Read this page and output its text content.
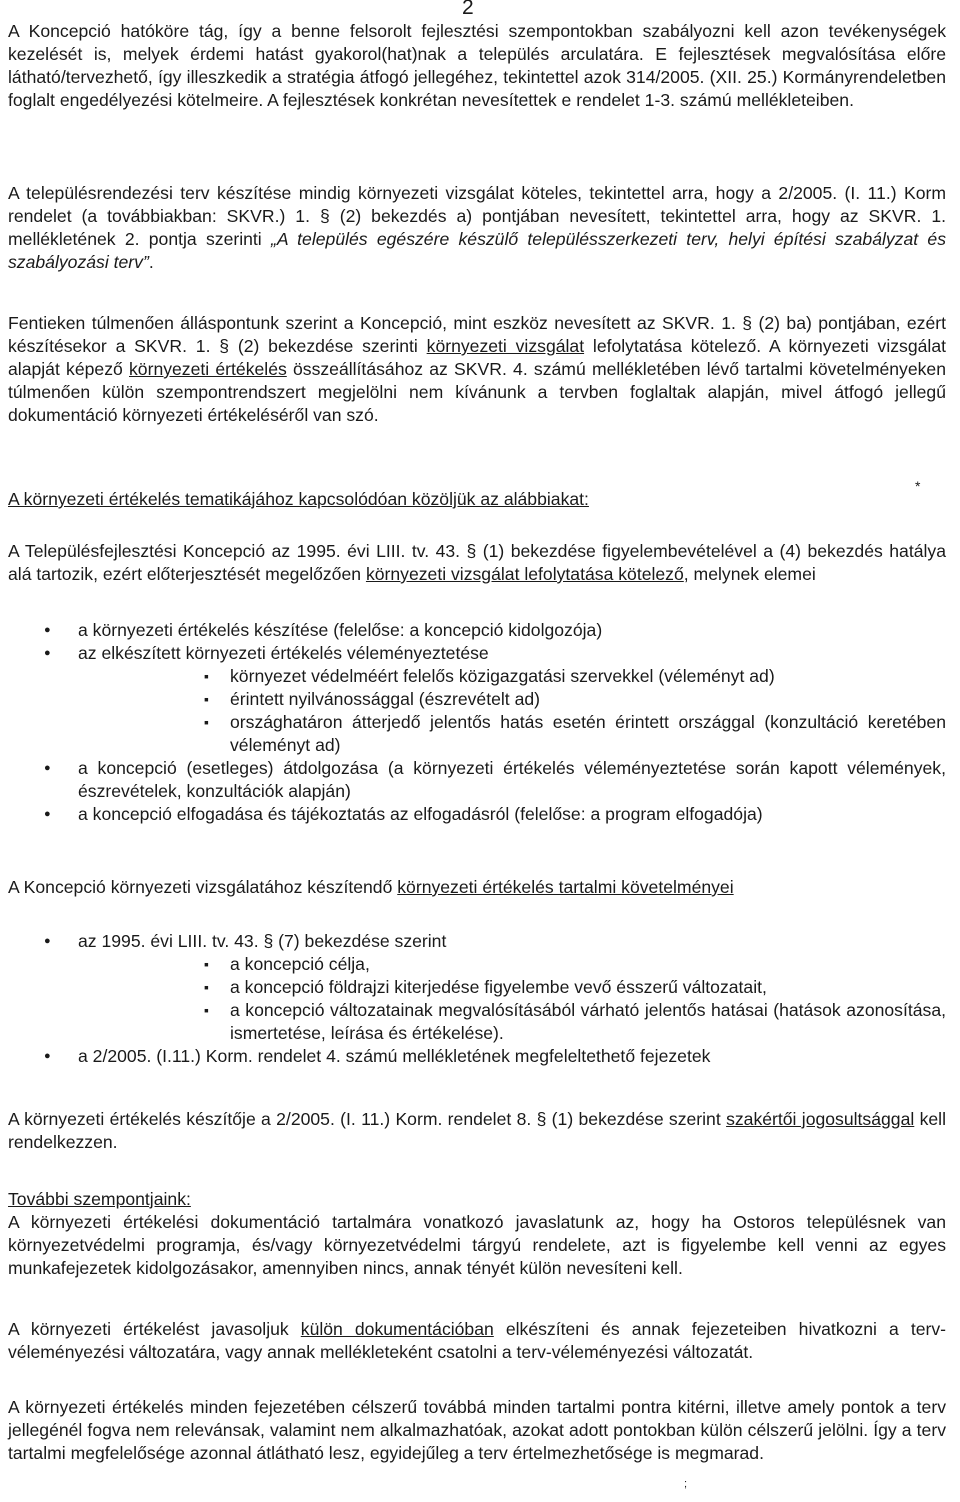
2
A Koncepció hatóköre tág, így a benne felsorolt fejlesztési szempontokban szabályozni kell azon tevékenységek kezelését is, melyek érdemi hatást gyakorol(hat)nak a település arculatára. E fejlesztések megvalósítása előre látható/tervezhető, így illeszkedik a stratégia átfogó jellegéhez, tekintettel azok 314/2005. (XII. 25.) Kormányrendeletben foglalt engedélyezési kötelmeire. A fejlesztések konkrétan nevesítettek e rendelet 1-3. számú mellékleteiben.
A településrendezési terv készítése mindig környezeti vizsgálat köteles, tekintettel arra, hogy a 2/2005. (I. 11.) Korm rendelet (a továbbiakban: SKVR.) 1. § (2) bekezdés a) pontjában nevesített, tekintettel arra, hogy az SKVR. 1. mellékletének 2. pontja szerinti „A település egészére készülő településszerkezeti terv, helyi építési szabályzat és szabályozási terv”.
Fentieken túlmenően álláspontunk szerint a Koncepció, mint eszköz nevesített az SKVR. 1. § (2) ba) pontjában, ezért készítésekor a SKVR. 1. § (2) bekezdése szerinti környezeti vizsgálat lefolytatása kötelező. A környezeti vizsgálat alapját képező környezeti értékelés összeállításához az SKVR. 4. számú mellékletében lévő tartalmi követelményeken túlmenően külön szempontrendszert megjelölni nem kívánunk a tervben foglaltak alapján, mivel átfogó jellegű dokumentáció környezeti értékeléséről van szó.
A környezeti értékelés tematikájához kapcsolódóan közöljük az alábbiakat:
*
A Településfejlesztési Koncepció az 1995. évi LIII. tv. 43. § (1) bekezdése figyelembevételével a (4) bekezdés hatálya alá tartozik, ezért előterjesztését megelőzően környezeti vizsgálat lefolytatása kötelező, melynek elemei
● a környezeti értékelés készítése (felelőse: a koncepció kidolgozója)
● az elkészített környezeti értékelés véleményeztetése
▪ környezet védelméért felelős közigazgatási szervekkel (véleményt ad)
▪ érintett nyilvánossággal (észrevételt ad)
▪ országhatáron átterjedő jelentős hatás esetén érintett országgal (konzultáció keretében véleményt ad)
● a koncepció (esetleges) átdolgozása (a környezeti értékelés véleményeztetése során kapott vélemények, észrevételek, konzultációk alapján)
● a koncepció elfogadása és tájékoztatás az elfogadásról (felelőse: a program elfogadója)
A Koncepció környezeti vizsgálatához készítendő környezeti értékelés tartalmi követelményei
● az 1995. évi LIII. tv. 43. § (7) bekezdése szerint
▪ a koncepció célja,
▪ a koncepció földrajzi kiterjedése figyelembe vevő ésszerű változatait,
▪ a koncepció változatainak megvalósításából várható jelentős hatásai (hatások azonosítása, ismertetése, leírása és értékelése).
● a 2/2005. (I.11.) Korm. rendelet 4. számú mellékletének megfeleltethető fejezetek
A környezeti értékelés készítője a 2/2005. (I. 11.) Korm. rendelet 8. § (1) bekezdése szerint szakértői jogosultsággal kell rendelkezzen.
További szempontjaink:
A környezeti értékelési dokumentáció tartalmára vonatkozó javaslatunk az, hogy ha Ostoros településnek van környezetvédelmi programja, és/vagy környezetvédelmi tárgyú rendelete, azt is figyelembe kell venni az egyes munkafejezetek kidolgozásakor, amennyiben nincs, annak tényét külön nevesíteni kell.
A környezeti értékelést javasoljuk külön dokumentációban elkészíteni és annak fejezeteiben hivatkozni a terv-véleményezési változatára, vagy annak mellékleteként csatolni a terv-véleményezési változatát.
A környezeti értékelés minden fejezetében célszerű továbbá minden tartalmi pontra kitérni, illetve amely pontok a terv jellegénél fogva nem relevánsak, valamint nem alkalmazhatóak, azokat adott pontokban külön célszerű jelölni. Így a terv tartalmi megfelelősége azonnal átlátható lesz, egyidejűleg a terv értelmezhetősége is megmarad.
;
